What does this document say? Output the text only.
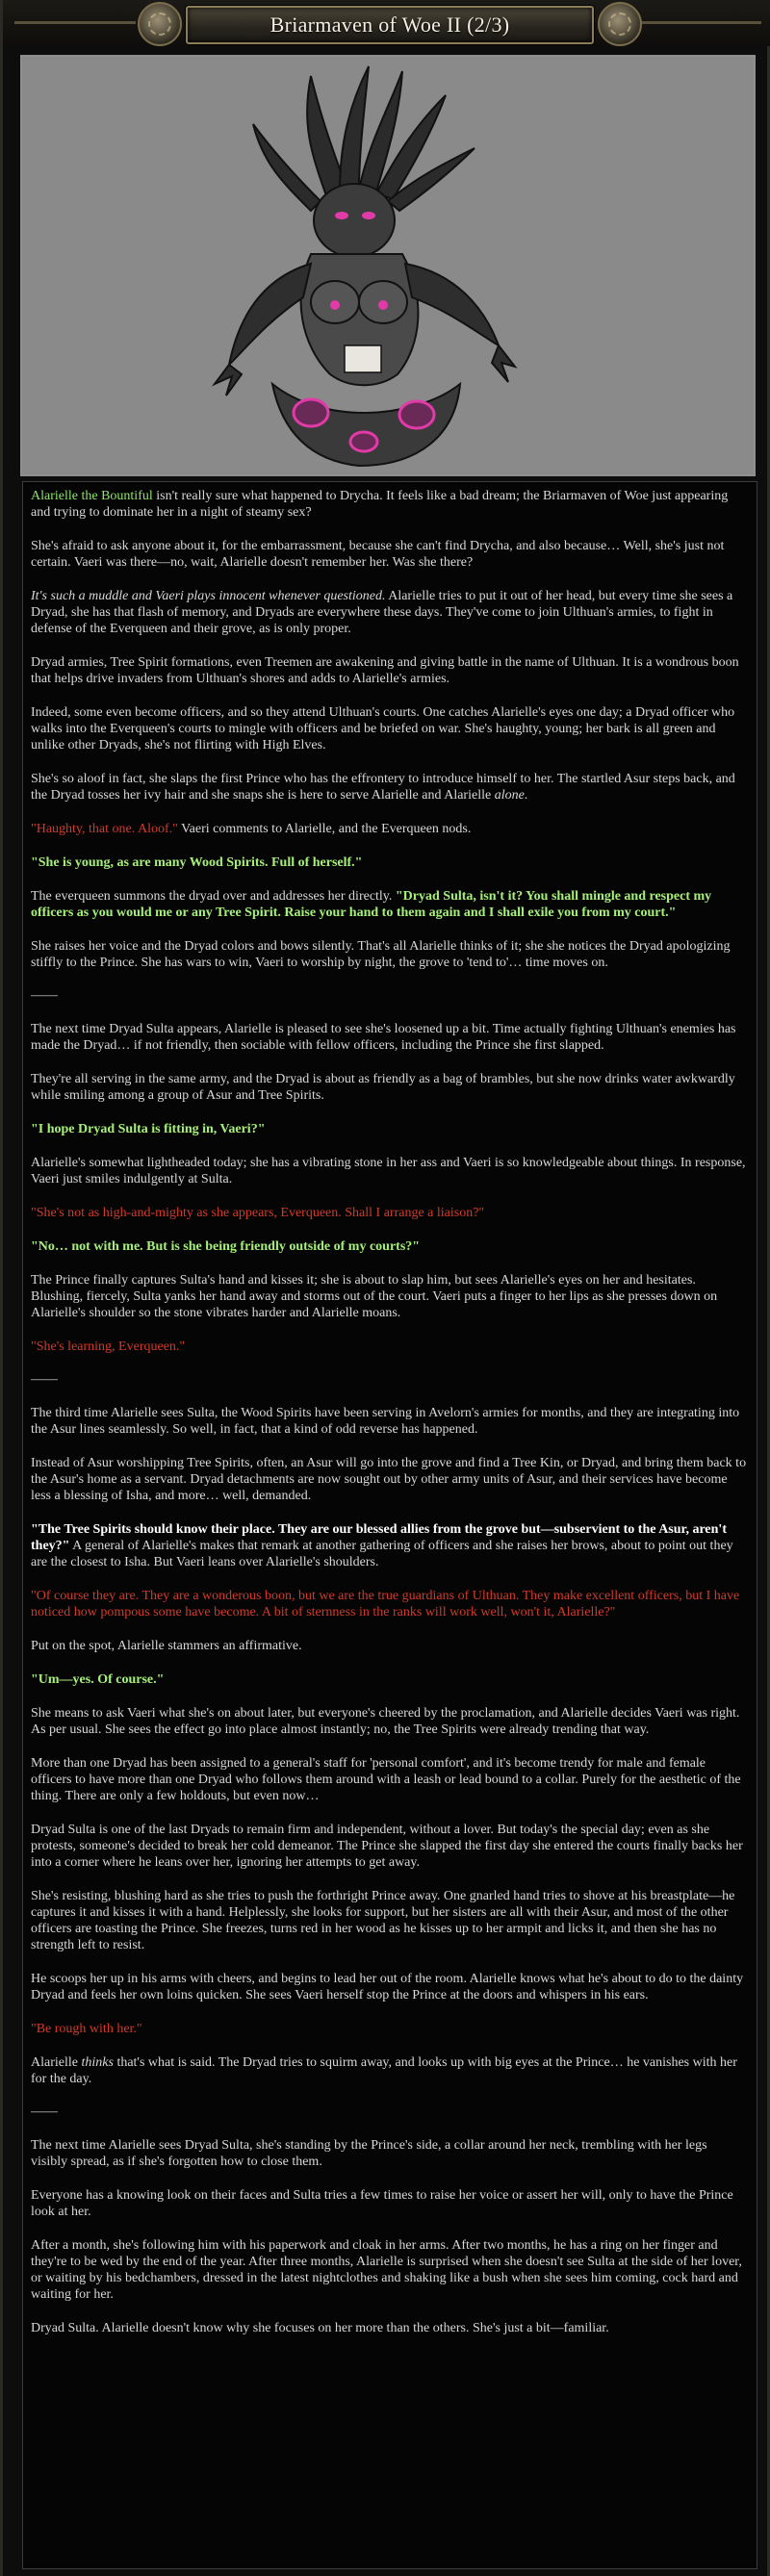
Briarmaven of Woe II (2/3)

Alarielle the Bountiful isn't really sure what happened to Drycha. It feels like a bad dream; the Briarmaven of Woe just appearing and trying to dominate her in a night of steamy sex?

She's afraid to ask anyone about it, for the embarrassment, because she can't find Drycha, and also because… Well, she's just not certain. Vaeri was there—no, wait, Alarielle doesn't remember her. Was she there?

It's such a muddle and Vaeri plays innocent whenever questioned. Alarielle tries to put it out of her head, but every time she sees a Dryad, she has that flash of memory, and Dryads are everywhere these days. They've come to join Ulthuan's armies, to fight in defense of the Everqueen and their grove, as is only proper.

Dryad armies, Tree Spirit formations, even Treemen are awakening and giving battle in the name of Ulthuan. It is a wondrous boon that helps drive invaders from Ulthuan's shores and adds to Alarielle's armies.

Indeed, some even become officers, and so they attend Ulthuan's courts. One catches Alarielle's eyes one day; a Dryad officer who walks into the Everqueen's courts to mingle with officers and be briefed on war. She's haughty, young; her bark is all green and unlike other Dryads, she's not flirting with High Elves.

She's so aloof in fact, she slaps the first Prince who has the effrontery to introduce himself to her. The startled Asur steps back, and the Dryad tosses her ivy hair and she snaps she is here to serve Alarielle and Alarielle alone.

"Haughty, that one. Aloof." Vaeri comments to Alarielle, and the Everqueen nods.

"She is young, as are many Wood Spirits. Full of herself."

The everqueen summons the dryad over and addresses her directly. "Dryad Sulta, isn't it? You shall mingle and respect my officers as you would me or any Tree Spirit. Raise your hand to them again and I shall exile you from my court."

She raises her voice and the Dryad colors and bows silently. That's all Alarielle thinks of it; she she notices the Dryad apologizing stiffly to the Prince. She has wars to win, Vaeri to worship by night, the grove to 'tend to'… time moves on.

——

The next time Dryad Sulta appears, Alarielle is pleased to see she's loosened up a bit. Time actually fighting Ulthuan's enemies has made the Dryad… if not friendly, then sociable with fellow officers, including the Prince she first slapped.

They're all serving in the same army, and the Dryad is about as friendly as a bag of brambles, but she now drinks water awkwardly while smiling among a group of Asur and Tree Spirits.

"I hope Dryad Sulta is fitting in, Vaeri?"

Alarielle's somewhat lightheaded today; she has a vibrating stone in her ass and Vaeri is so knowledgeable about things. In response, Vaeri just smiles indulgently at Sulta.

"She's not as high-and-mighty as she appears, Everqueen. Shall I arrange a liaison?"

"No… not with me. But is she being friendly outside of my courts?"

The Prince finally captures Sulta's hand and kisses it; she is about to slap him, but sees Alarielle's eyes on her and hesitates. Blushing, fiercely, Sulta yanks her hand away and storms out of the court. Vaeri puts a finger to her lips as she presses down on Alarielle's shoulder so the stone vibrates harder and Alarielle moans.

"She's learning, Everqueen."

——

The third time Alarielle sees Sulta, the Wood Spirits have been serving in Avelorn's armies for months, and they are integrating into the Asur lines seamlessly. So well, in fact, that a kind of odd reverse has happened.

Instead of Asur worshipping Tree Spirits, often, an Asur will go into the grove and find a Tree Kin, or Dryad, and bring them back to the Asur's home as a servant. Dryad detachments are now sought out by other army units of Asur, and their services have become less a blessing of Isha, and more… well, demanded.

"The Tree Spirits should know their place. They are our blessed allies from the grove but—subservient to the Asur, aren't they?" A general of Alarielle's makes that remark at another gathering of officers and she raises her brows, about to point out they are the closest to Isha. But Vaeri leans over Alarielle's shoulders.

"Of course they are. They are a wonderous boon, but we are the true guardians of Ulthuan. They make excellent officers, but I have noticed how pompous some have become. A bit of sternness in the ranks will work well, won't it, Alarielle?"

Put on the spot, Alarielle stammers an affirmative.

"Um—yes. Of course."

She means to ask Vaeri what she's on about later, but everyone's cheered by the proclamation, and Alarielle decides Vaeri was right. As per usual. She sees the effect go into place almost instantly; no, the Tree Spirits were already trending that way.

More than one Dryad has been assigned to a general's staff for 'personal comfort', and it's become trendy for male and female officers to have more than one Dryad who follows them around with a leash or lead bound to a collar. Purely for the aesthetic of the thing. There are only a few holdouts, but even now…

Dryad Sulta is one of the last Dryads to remain firm and independent, without a lover. But today's the special day; even as she protests, someone's decided to break her cold demeanor. The Prince she slapped the first day she entered the courts finally backs her into a corner where he leans over her, ignoring her attempts to get away.

She's resisting, blushing hard as she tries to push the forthright Prince away. One gnarled hand tries to shove at his breastplate—he captures it and kisses it with a hand. Helplessly, she looks for support, but her sisters are all with their Asur, and most of the other officers are toasting the Prince. She freezes, turns red in her wood as he kisses up to her armpit and licks it, and then she has no strength left to resist.

He scoops her up in his arms with cheers, and begins to lead her out of the room. Alarielle knows what he's about to do to the dainty Dryad and feels her own loins quicken. She sees Vaeri herself stop the Prince at the doors and whispers in his ears.

"Be rough with her."

Alarielle thinks that's what is said. The Dryad tries to squirm away, and looks up with big eyes at the Prince… he vanishes with her for the day.

——

The next time Alarielle sees Dryad Sulta, she's standing by the Prince's side, a collar around her neck, trembling with her legs visibly spread, as if she's forgotten how to close them.

Everyone has a knowing look on their faces and Sulta tries a few times to raise her voice or assert her will, only to have the Prince look at her.

After a month, she's following him with his paperwork and cloak in her arms. After two months, he has a ring on her finger and they're to be wed by the end of the year. After three months, Alarielle is surprised when she doesn't see Sulta at the side of her lover, or waiting by his bedchambers, dressed in the latest nightclothes and shaking like a bush when she sees him coming, cock hard and waiting for her.

Dryad Sulta. Alarielle doesn't know why she focuses on her more than the others. She's just a bit—familiar.
